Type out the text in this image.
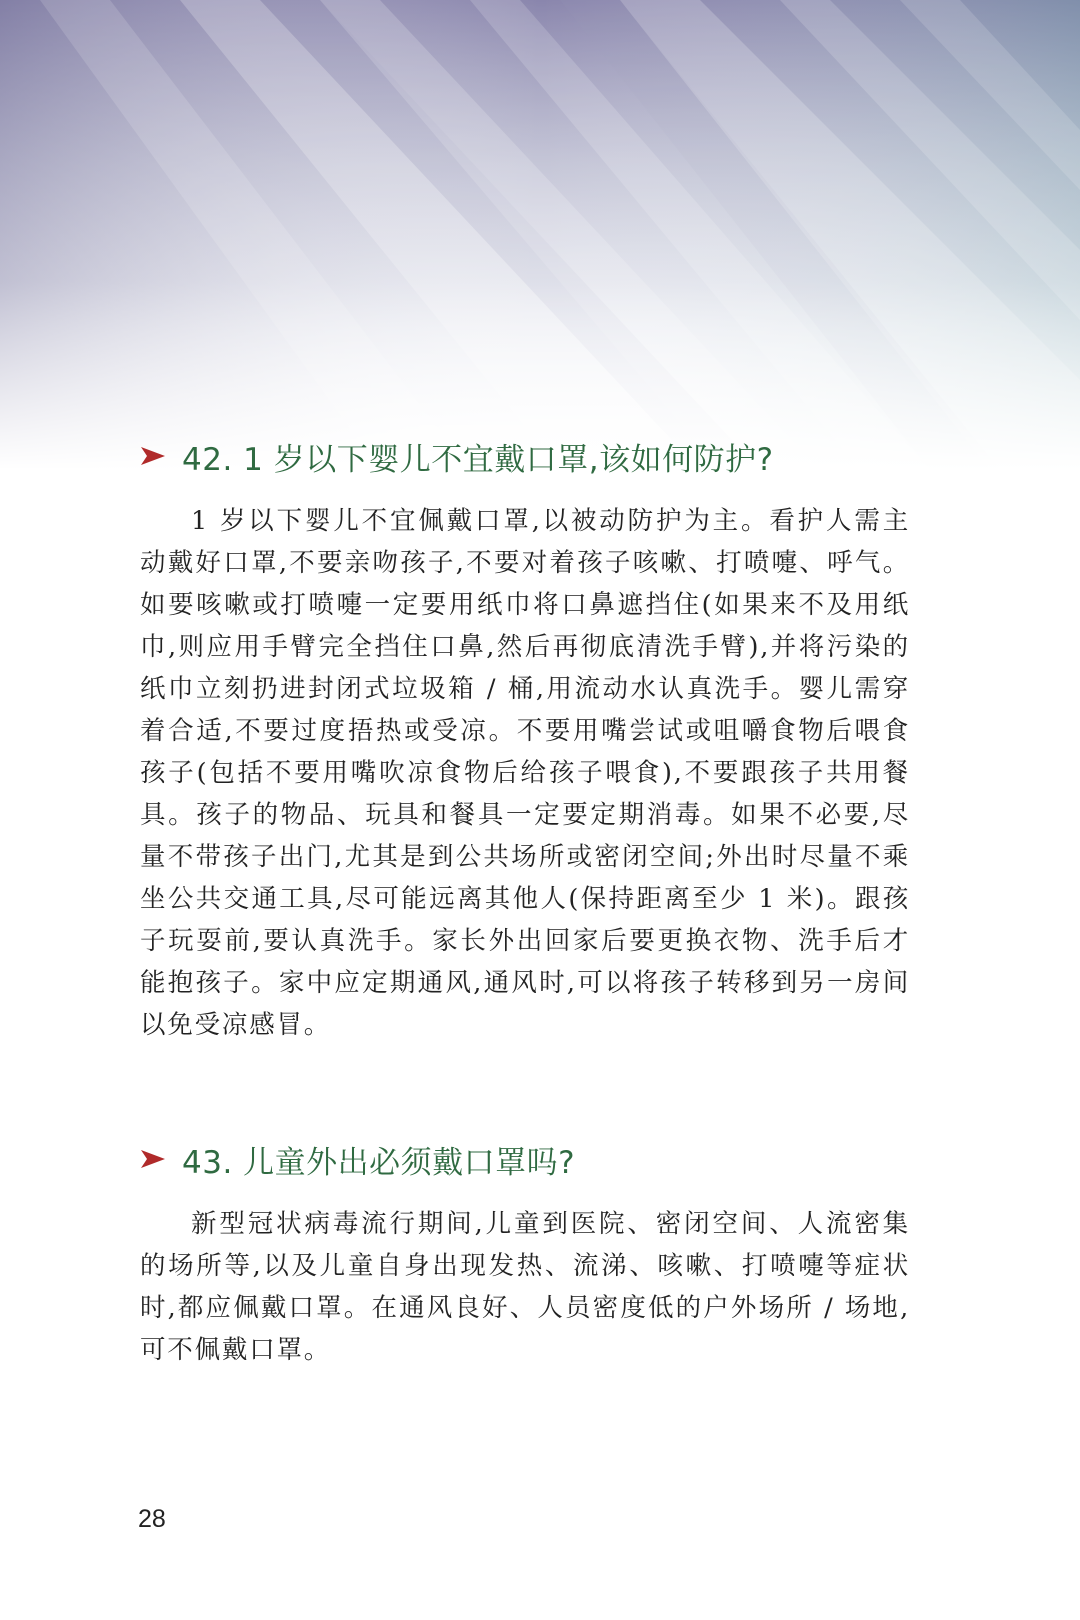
42. 1 岁以下婴儿不宜戴口罩,该如何防护?

1 岁以下婴儿不宜佩戴口罩,以被动防护为主。看护人需主动戴好口罩,不要亲吻孩子,不要对着孩子咳嗽、打喷嚏、呼气。如要咳嗽或打喷嚏一定要用纸巾将口鼻遮挡住(如果来不及用纸巾,则应用手臂完全挡住口鼻,然后再彻底清洗手臂),并将污染的纸巾立刻扔进封闭式垃圾箱 / 桶,用流动水认真洗手。婴儿需穿着合适,不要过度捂热或受凉。不要用嘴尝试或咀嚼食物后喂食孩子(包括不要用嘴吹凉食物后给孩子喂食),不要跟孩子共用餐具。孩子的物品、玩具和餐具一定要定期消毒。如果不必要,尽量不带孩子出门,尤其是到公共场所或密闭空间;外出时尽量不乘坐公共交通工具,尽可能远离其他人(保持距离至少 1 米)。跟孩子玩耍前,要认真洗手。家长外出回家后要更换衣物、洗手后才能抱孩子。家中应定期通风,通风时,可以将孩子转移到另一房间以免受凉感冒。

43. 儿童外出必须戴口罩吗?

新型冠状病毒流行期间,儿童到医院、密闭空间、人流密集的场所等,以及儿童自身出现发热、流涕、咳嗽、打喷嚏等症状时,都应佩戴口罩。在通风良好、人员密度低的户外场所 / 场地,可不佩戴口罩。

28
